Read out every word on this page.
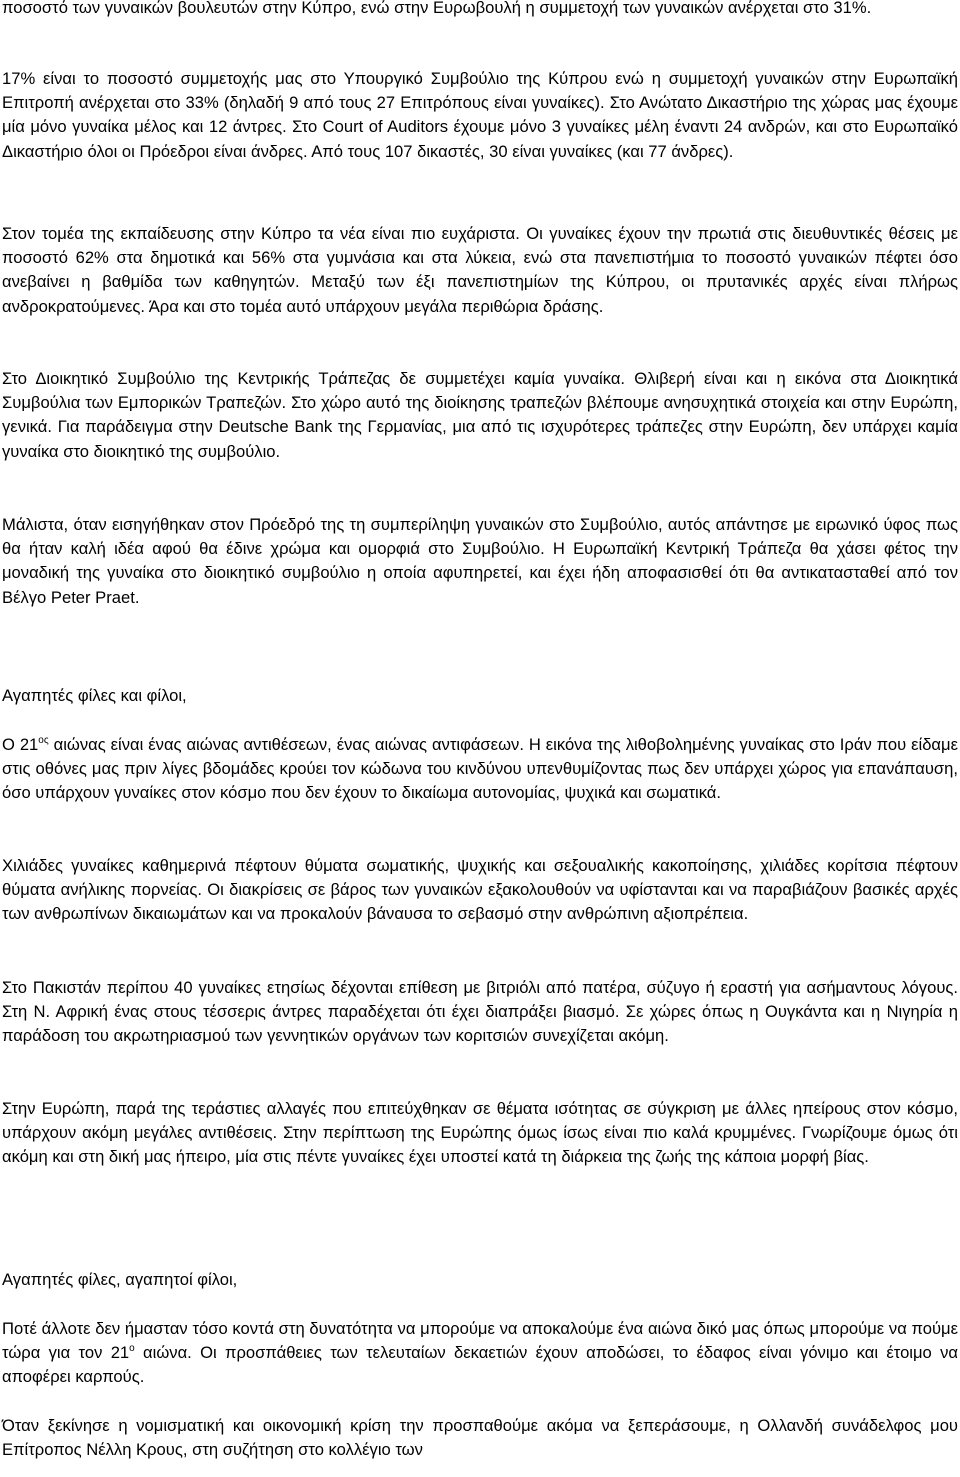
ποσοστό των γυναικών βουλευτών στην Κύπρο, ενώ στην Ευρωβουλή η συμμετοχή των γυναικών ανέρχεται στο 31%.

17% είναι το ποσοστό συμμετοχής μας στο Υπουργικό Συμβούλιο της Κύπρου ενώ η συμμετοχή γυναικών στην Ευρωπαϊκή Επιτροπή ανέρχεται στο 33% (δηλαδή 9 από τους 27 Επιτρόπους είναι γυναίκες). Στο Ανώτατο Δικαστήριο της χώρας μας έχουμε μία μόνο γυναίκα μέλος και 12 άντρες. Στο Court of Auditors έχουμε μόνο 3 γυναίκες μέλη έναντι 24 ανδρών, και στο Ευρωπαϊκό Δικαστήριο όλοι οι Πρόεδροι είναι άνδρες. Από τους 107 δικαστές, 30 είναι γυναίκες (και 77 άνδρες).

Στον τομέα της εκπαίδευσης στην Κύπρο τα νέα είναι πιο ευχάριστα. Οι γυναίκες έχουν την πρωτιά στις διευθυντικές θέσεις με ποσοστό 62% στα δημοτικά και 56% στα γυμνάσια και στα λύκεια, ενώ στα πανεπιστήμια το ποσοστό γυναικών πέφτει όσο ανεβαίνει η βαθμίδα των καθηγητών. Μεταξύ των έξι πανεπιστημίων της Κύπρου, οι πρυτανικές αρχές είναι πλήρως ανδροκρατούμενες. Άρα και στο τομέα αυτό υπάρχουν μεγάλα περιθώρια δράσης.

Στο Διοικητικό Συμβούλιο της Κεντρικής Τράπεζας δε συμμετέχει καμία γυναίκα. Θλιβερή είναι και η εικόνα στα Διοικητικά Συμβούλια των Εμπορικών Τραπεζών. Στο χώρο αυτό της διοίκησης τραπεζών βλέπουμε ανησυχητικά στοιχεία και στην Ευρώπη, γενικά. Για παράδειγμα στην Deutsche Bank της Γερμανίας, μια από τις ισχυρότερες τράπεζες στην Ευρώπη, δεν υπάρχει καμία γυναίκα στο διοικητικό της συμβούλιο.

Μάλιστα, όταν εισηγήθηκαν στον Πρόεδρό της τη συμπερίληψη γυναικών στο Συμβούλιο, αυτός απάντησε με ειρωνικό ύφος πως θα ήταν καλή ιδέα αφού θα έδινε χρώμα και ομορφιά στο Συμβούλιο. Η Ευρωπαϊκή Κεντρική Τράπεζα θα χάσει φέτος την μοναδική της γυναίκα στο διοικητικό συμβούλιο η οποία αφυπηρετεί, και έχει ήδη αποφασισθεί ότι θα αντικατασταθεί από τον Βέλγο Peter Praet.

Αγαπητές φίλες και φίλοι,

Ο $21^{o\varsigma}$ αιώνας είναι ένας αιώνας αντιθέσεων, ένας αιώνας αντιφάσεων. Η εικόνα της λιθοβολημένης γυναίκας στο Ιράν που είδαμε στις οθόνες μας πριν λίγες βδομάδες κρούει τον κώδωνα του κινδύνου υπενθυμίζοντας πως δεν υπάρχει χώρος για επανάπαυση, όσο υπάρχουν γυναίκες στον κόσμο που δεν έχουν το δικαίωμα αυτονομίας, ψυχικά και σωματικά.

Χιλιάδες γυναίκες καθημερινά πέφτουν θύματα σωματικής, ψυχικής και σεξουαλικής κακοποίησης, χιλιάδες κορίτσια πέφτουν θύματα ανήλικης πορνείας. Οι διακρίσεις σε βάρος των γυναικών εξακολουθούν να υφίστανται και να παραβιάζουν βασικές αρχές των ανθρωπίνων δικαιωμάτων και να προκαλούν βάναυσα το σεβασμό στην ανθρώπινη αξιοπρέπεια.

Στο Πακιστάν περίπου 40 γυναίκες ετησίως δέχονται επίθεση με βιτριόλι από πατέρα, σύζυγο ή εραστή για ασήμαντους λόγους. Στη Ν. Αφρική ένας στους τέσσερις άντρες παραδέχεται ότι έχει διαπράξει βιασμό. Σε χώρες όπως η Ουγκάντα και η Νιγηρία η παράδοση του ακρωτηριασμού των γεννητικών οργάνων των κοριτσιών συνεχίζεται ακόμη.

Στην Ευρώπη, παρά της τεράστιες αλλαγές που επιτεύχθηκαν σε θέματα ισότητας σε σύγκριση με άλλες ηπείρους στον κόσμο, υπάρχουν ακόμη μεγάλες αντιθέσεις. Στην περίπτωση της Ευρώπης όμως ίσως είναι πιο καλά κρυμμένες. Γνωρίζουμε όμως ότι ακόμη και στη δική μας ήπειρο, μία στις πέντε γυναίκες έχει υποστεί κατά τη διάρκεια της ζωής της κάποια μορφή βίας.

Αγαπητές φίλες, αγαπητοί φίλοι,

Ποτέ άλλοτε δεν ήμασταν τόσο κοντά στη δυνατότητα να μπορούμε να αποκαλούμε ένα αιώνα δικό μας όπως μπορούμε να πούμε τώρα για τον $21^o$ αιώνα. Οι προσπάθειες των τελευταίων δεκαετιών έχουν αποδώσει, το έδαφος είναι γόνιμο και έτοιμο να αποφέρει καρπούς.

Όταν ξεκίνησε η νομισματική και οικονομική κρίση την προσπαθούμε ακόμα να ξεπεράσουμε, η Ολλανδή συνάδελφος μου Επίτροπος Νέλλη Κρους, στη συζήτηση στο κολλέγιο των
